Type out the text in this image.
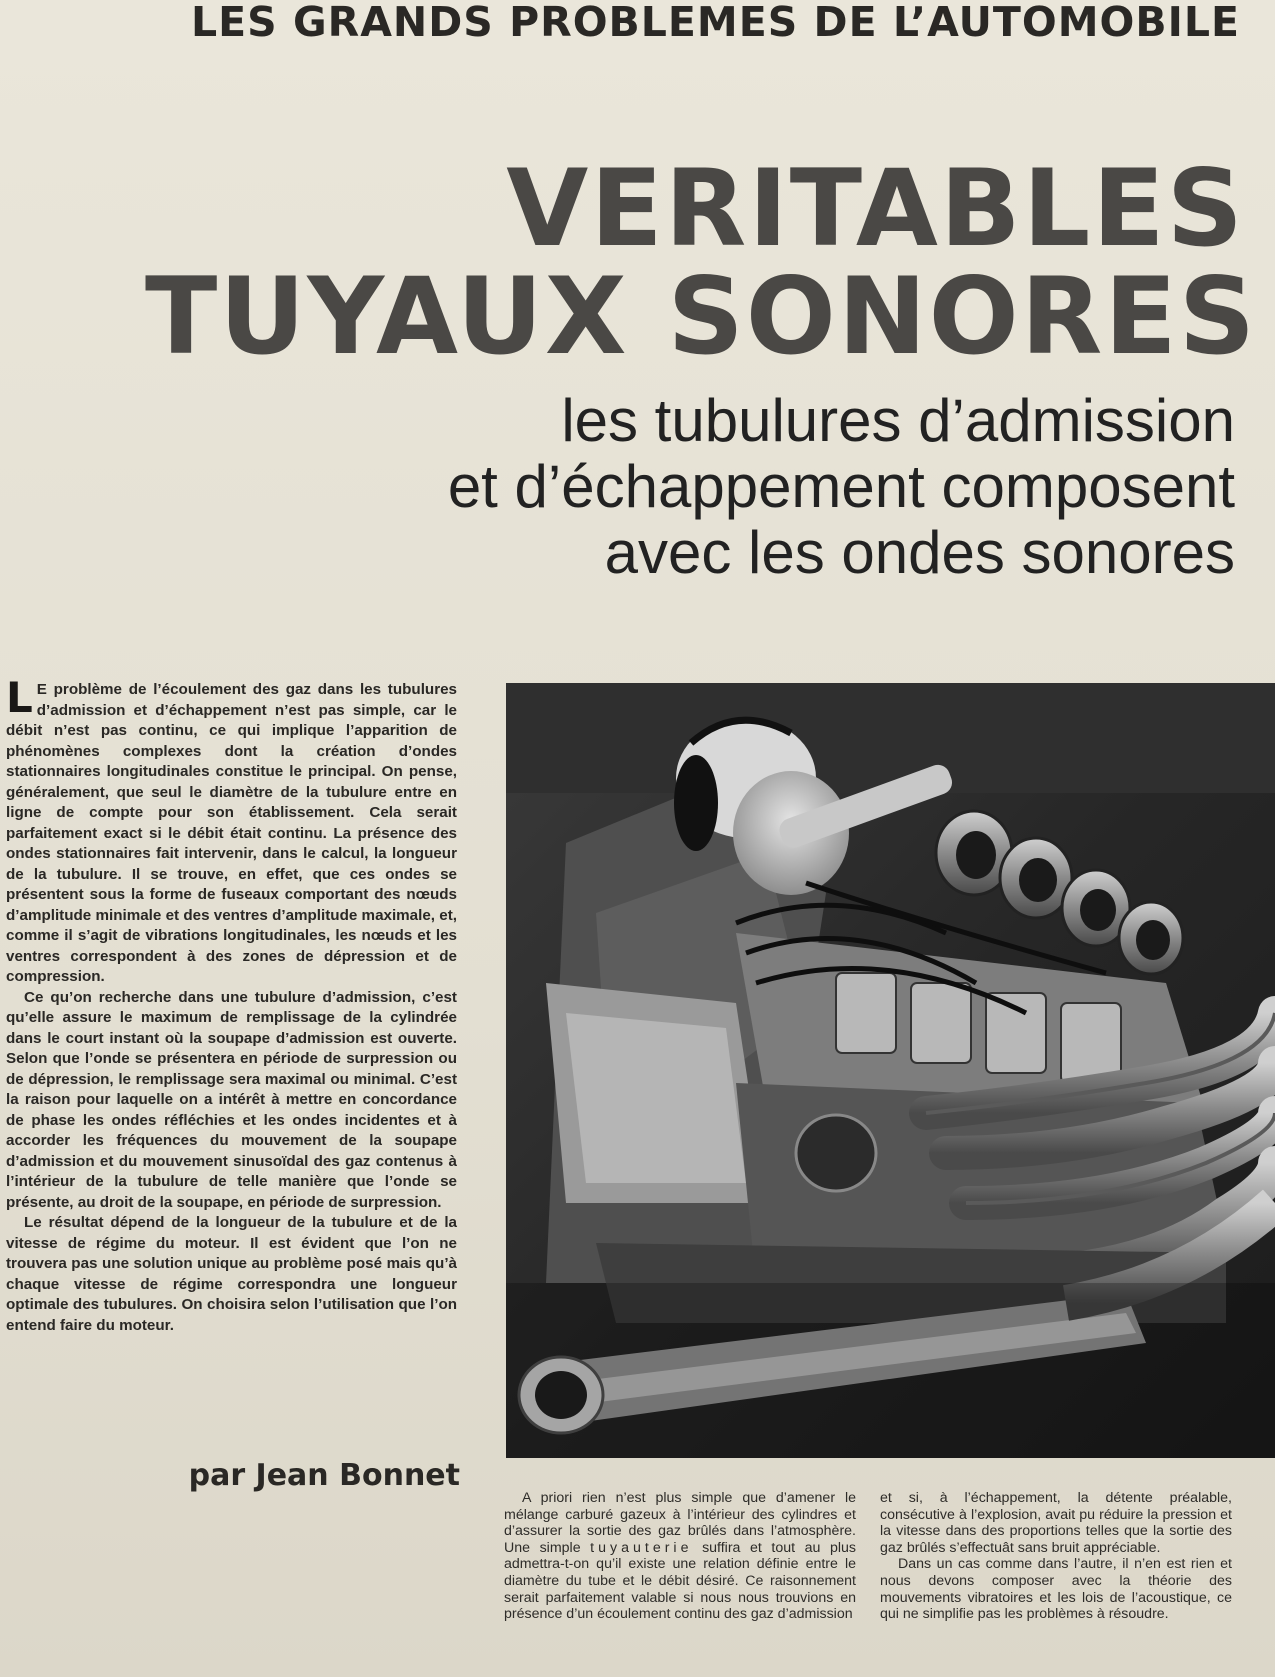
LES GRANDS PROBLEMES DE L’AUTOMOBILE
VERITABLES
TUYAUX SONORES
les tubulures d’admission
et d’échappement composent
avec les ondes sonores

L E problème de l’écoulement des gaz dans les tubulures d’admission et d’échappement n’est pas simple, car le débit n’est pas continu, ce qui implique l’apparition de phénomènes complexes dont la création d’ondes stationnaires longitudinales constitue le principal. On pense, généralement, que seul le diamètre de la tubulure entre en ligne de compte pour son établissement. Cela serait parfaitement exact si le débit était continu. La présence des ondes stationnaires fait intervenir, dans le calcul, la longueur de la tubulure. Il se trouve, en effet, que ces ondes se présentent sous la forme de fuseaux comportant des nœuds d’amplitude minimale et des ventres d’amplitude maximale, et, comme il s’agit de vibrations longitudinales, les nœuds et les ventres correspondent à des zones de dépression et de compression.

Ce qu’on recherche dans une tubulure d’admission, c’est qu’elle assure le maximum de remplissage de la cylindrée dans le court instant où la soupape d’admission est ouverte. Selon que l’onde se présentera en période de surpression ou de dépression, le remplissage sera maximal ou minimal. C’est la raison pour laquelle on a intérêt à mettre en concordance de phase les ondes réfléchies et les ondes incidentes et à accorder les fréquences du mouvement de la soupape d’admission et du mouvement sinusoïdal des gaz contenus à l’intérieur de la tubulure de telle manière que l’onde se présente, au droit de la soupape, en période de surpression.

Le résultat dépend de la longueur de la tubulure et de la vitesse de régime du moteur. Il est évident que l’on ne trouvera pas une solution unique au problème posé mais qu’à chaque vitesse de régime correspondra une longueur optimale des tubulures. On choisira selon l’utilisation que l’on entend faire du moteur.

par Jean Bonnet

A priori rien n’est plus simple que d’amener le mélange carburé gazeux à l’intérieur des cylindres et d’assurer la sortie des gaz brûlés dans l’atmosphère. Une simple tuyauterie suffira et tout au plus admettra-t-on qu’il existe une relation définie entre le diamètre du tube et le débit désiré. Ce raisonnement serait parfaitement valable si nous nous trouvions en présence d’un écoulement continu des gaz d’admission

et si, à l’échappement, la détente préalable, consécutive à l’explosion, avait pu réduire la pression et la vitesse dans des proportions telles que la sortie des gaz brûlés s’effectuât sans bruit appréciable.

Dans un cas comme dans l’autre, il n’en est rien et nous devons composer avec la théorie des mouvements vibratoires et les lois de l’acoustique, ce qui ne simplifie pas les problèmes à résoudre.
